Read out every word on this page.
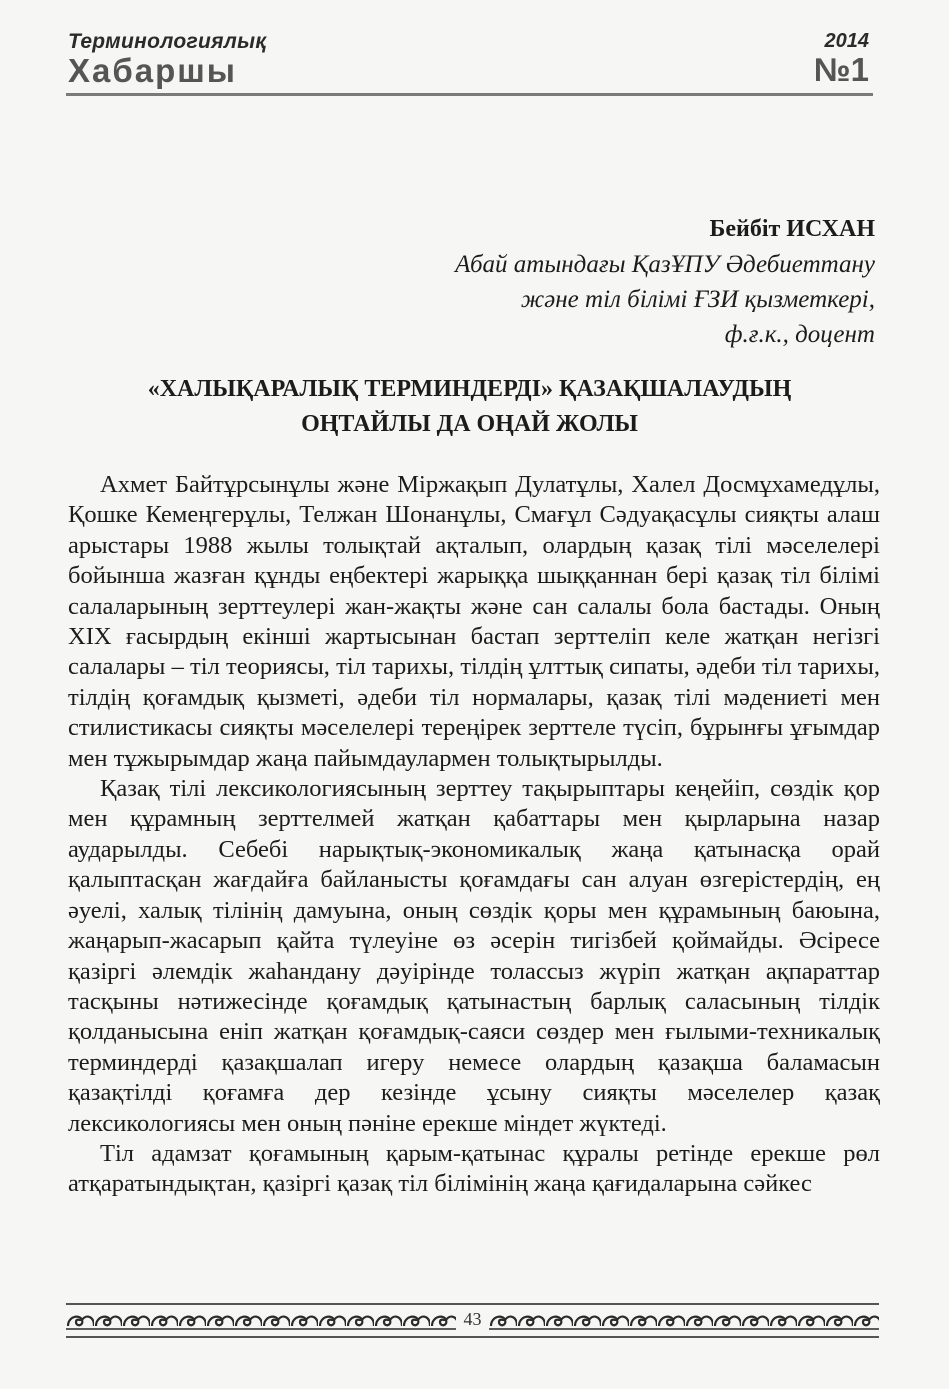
Терминологиялық
Хабаршы
2014
№1
Бейбіт ИСХАН
Абай атындағы ҚазҰПУ Әдебиеттану
және тіл білімі ҒЗИ қызметкері,
ф.ғ.к., доцент
«ХАЛЫҚАРАЛЫҚ ТЕРМИНДЕРДІ» ҚАЗАҚШАЛАУДЫҢ
ОҢТАЙЛЫ ДА ОҢАЙ ЖОЛЫ

Ахмет Байтұрсынұлы және Міржақып Дулатұлы, Халел Досмұхамедұлы, Қошке Кемеңгерұлы, Телжан Шонанұлы, Смағұл Сәдуақасұлы сияқты алаш арыстары 1988 жылы толықтай ақталып, олардың қазақ тілі мәселелері бойынша жазған құнды еңбектері жарыққа шыққаннан бері қазақ тіл білімі салаларының зерттеулері жан-жақты және сан салалы бола бастады. Оның XIX ғасырдың екінші жартысынан бастап зерттеліп келе жатқан негізгі салалары – тіл теориясы, тіл тарихы, тілдің ұлттық сипаты, әдеби тіл тарихы, тілдің қоғамдық қызметі, әдеби тіл нормалары, қазақ тілі мәдениеті мен стилистикасы сияқты мәселелері тереңірек зерттеле түсіп, бұрынғы ұғымдар мен тұжырымдар жаңа пайымдаулармен толықтырылды.

Қазақ тілі лексикологиясының зерттеу тақырыптары кеңейіп, сөздік қор мен құрамның зерттелмей жатқан қабаттары мен қырларына назар аударылды. Себебі нарықтық-экономикалық жаңа қатынасқа орай қалыптасқан жағдайға байланысты қоғамдағы сан алуан өзгерістердің, ең әуелі, халық тілінің дамуына, оның сөздік қоры мен құрамының баюына, жаңарып-жасарып қайта түлеуіне өз әсерін тигізбей қоймайды. Әсіресе қазіргі әлемдік жаһандану дәуірінде толассыз жүріп жатқан ақпараттар тасқыны нәтижесінде қоғамдық қатынастың барлық саласының тілдік қолданысына еніп жатқан қоғамдық-саяси сөздер мен ғылыми-техникалық терминдерді қазақшалап игеру немесе олардың қазақша баламасын қазақтілді қоғамға дер кезінде ұсыну сияқты мәселелер қазақ лексикологиясы мен оның пәніне ерекше міндет жүктеді.

Тіл адамзат қоғамының қарым-қатынас құралы ретінде ерекше рөл атқаратындықтан, қазіргі қазақ тіл білімінің жаңа қағидаларына сәйкес

43
